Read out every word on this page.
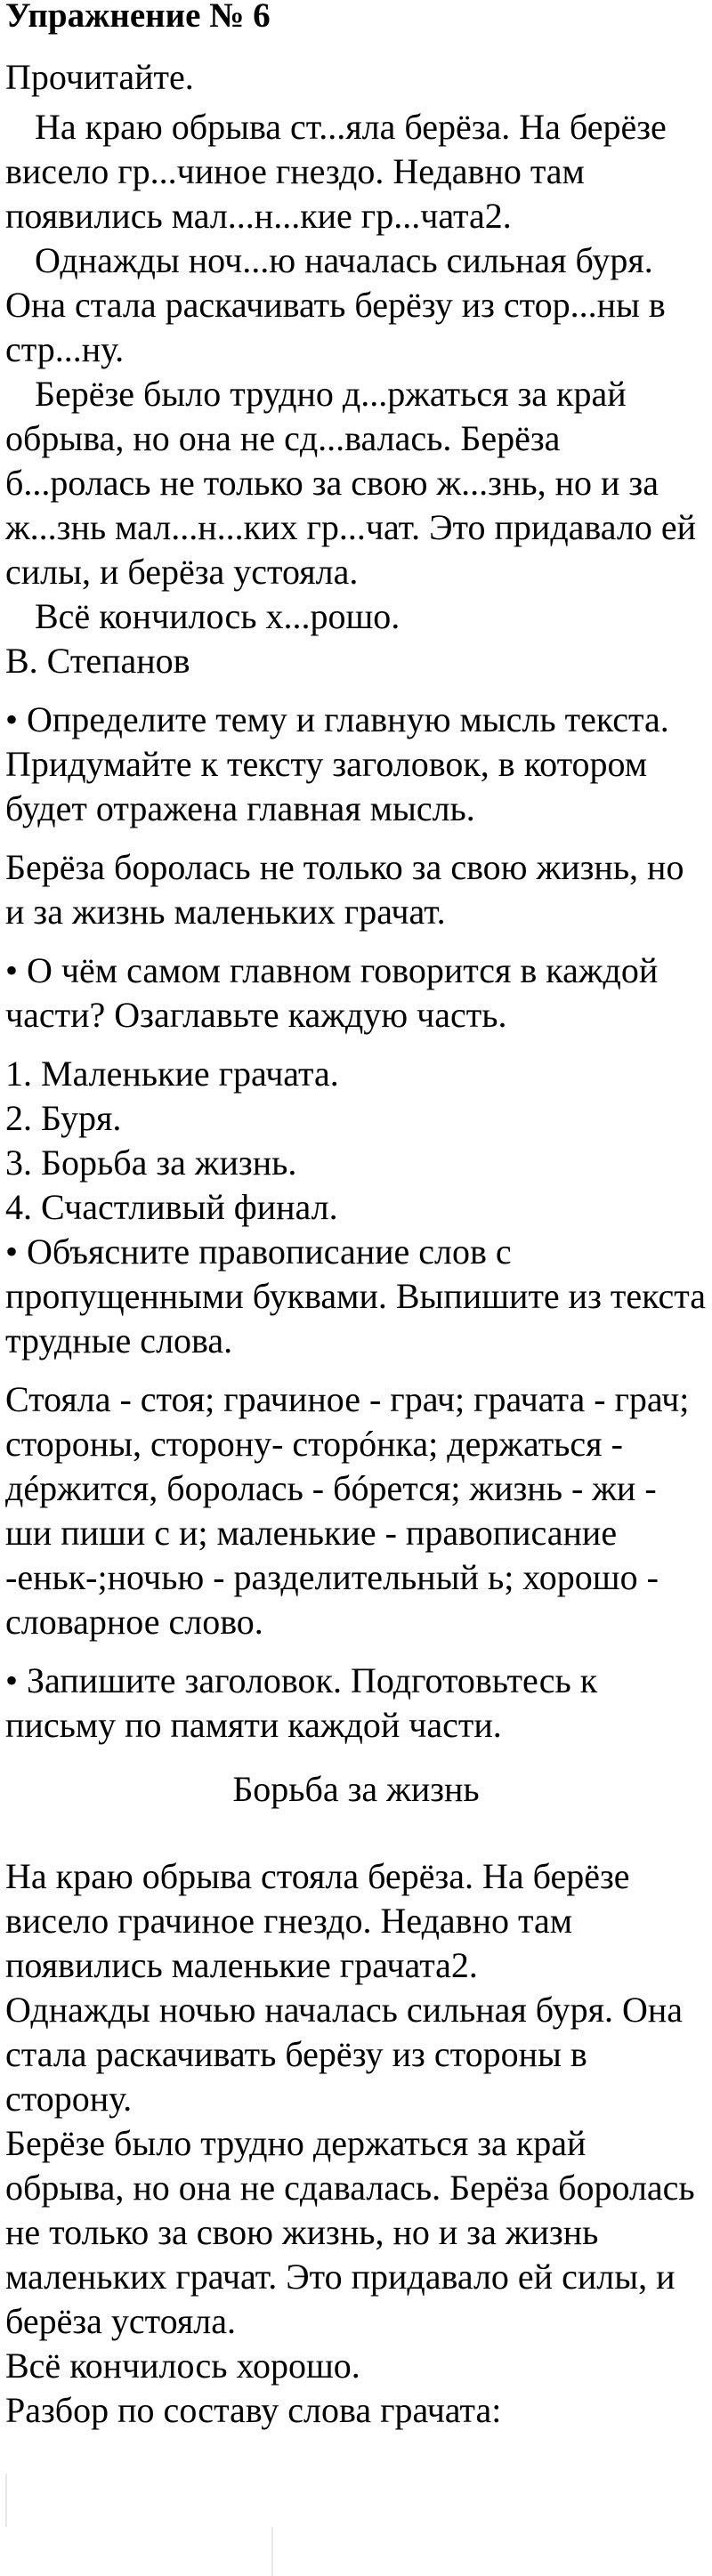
Упражнение № 6

Прочитайте.

На краю обрыва ст...яла берёза. На берёзе висело гр...чиное гнездо. Недавно там появились мал...н...кие гр...чата2.

Однажды ноч...ю началась сильная буря. Она стала раскачивать берёзу из стор...ны в стр...ну.

Берёзе было трудно д...ржаться за край обрыва, но она не сд...валась. Берёза б...ролась не только за свою ж...знь, но и за ж...знь мал...н...ких гр...чат. Это придавало ей силы, и берёза устояла.

Всё кончилось х...рошо.

В. Степанов

• Определите тему и главную мысль текста. Придумайте к тексту заголовок, в котором будет отражена главная мысль.

Берёза боролась не только за свою жизнь, но и за жизнь маленьких грачат.

• О чём самом главном говорится в каждой части? Озаглавьте каждую часть.

1. Маленькие грачата.

2. Буря.

3. Борьба за жизнь.

4. Счастливый финал.

• Объясните правописание слов с пропущенными буквами. Выпишите из текста трудные слова.

Стояла - стоя; грачиное - грач; грачата - грач; стороны, сторону- сторóнка; держаться - дéржится, боролась - бóрется; жизнь - жи - ши пиши с и; маленькие - правописание -еньк-;ночью - разделительный ь; хорошо - словарное слово.

• Запишите заголовок. Подготовьтесь к письму по памяти каждой части.

Борьба за жизнь

На краю обрыва стояла берёза. На берёзе висело грачиное гнездо. Недавно там появились маленькие грачата2.

Однажды ночью началась сильная буря. Она стала раскачивать берёзу из стороны в сторону.

Берёзе было трудно держаться за край обрыва, но она не сдавалась. Берёза боролась не только за свою жизнь, но и за жизнь маленьких грачат. Это придавало ей силы, и берёза устояла.

Всё кончилось хорошо.

Разбор по составу слова грачата:
